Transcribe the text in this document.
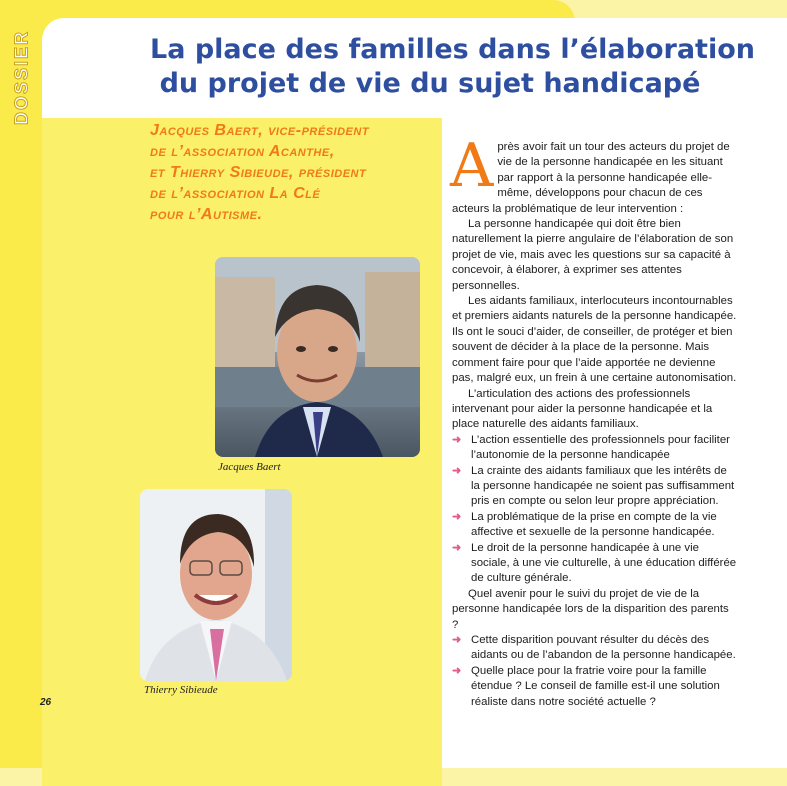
DOSSIER	La place des familles dans l’élaboration
du projet de vie du sujet handicapé
Jacques Baert, vice-président
de l’association Acanthe,
et Thierry Sibieude, président
de l’association La Clé
pour l’Autisme.
Jacques Baert
Thierry Sibieude
26
A près avoir fait un tour des acteurs du projet de vie de la personne handicapée en les situant par rapport à la personne handicapée elle- même, développons pour chacun de ces acteurs la problématique de leur intervention :

La personne handicapée qui doit être bien naturellement la pierre angulaire de l’élaboration de son projet de vie, mais avec les questions sur sa capacité à concevoir, à élaborer, à exprimer ses attentes personnelles.

Les aidants familiaux, interlocuteurs incontournables et premiers aidants naturels de la personne handicapée. Ils ont le souci d’aider, de conseiller, de protéger et bien souvent de décider à la place de la personne. Mais comment faire pour que l’aide apportée ne devienne pas, malgré eux, un frein à une certaine autonomisation.

L’articulation des actions des professionnels intervenant pour aider la personne handicapée et la place naturelle des aidants familiaux.

➜ L’action essentielle des professionnels pour faciliter l’autonomie de la personne handicapée
➜ La crainte des aidants familiaux que les intérêts de la personne handicapée ne soient pas suffisamment pris en compte ou selon leur propre appréciation.
➜ La problématique de la prise en compte de la vie affective et sexuelle de la personne handicapée.
➜ Le droit de la personne handicapée à une vie sociale, à une vie culturelle, à une éducation différée de culture générale.

Quel avenir pour le suivi du projet de vie de la personne handicapée lors de la disparition des parents ?

➜ Cette disparition pouvant résulter du décès des aidants ou de l’abandon de la personne handicapée.
➜ Quelle place pour la fratrie voire pour la famille étendue ? Le conseil de famille est-il une solution réaliste dans notre société actuelle ?
